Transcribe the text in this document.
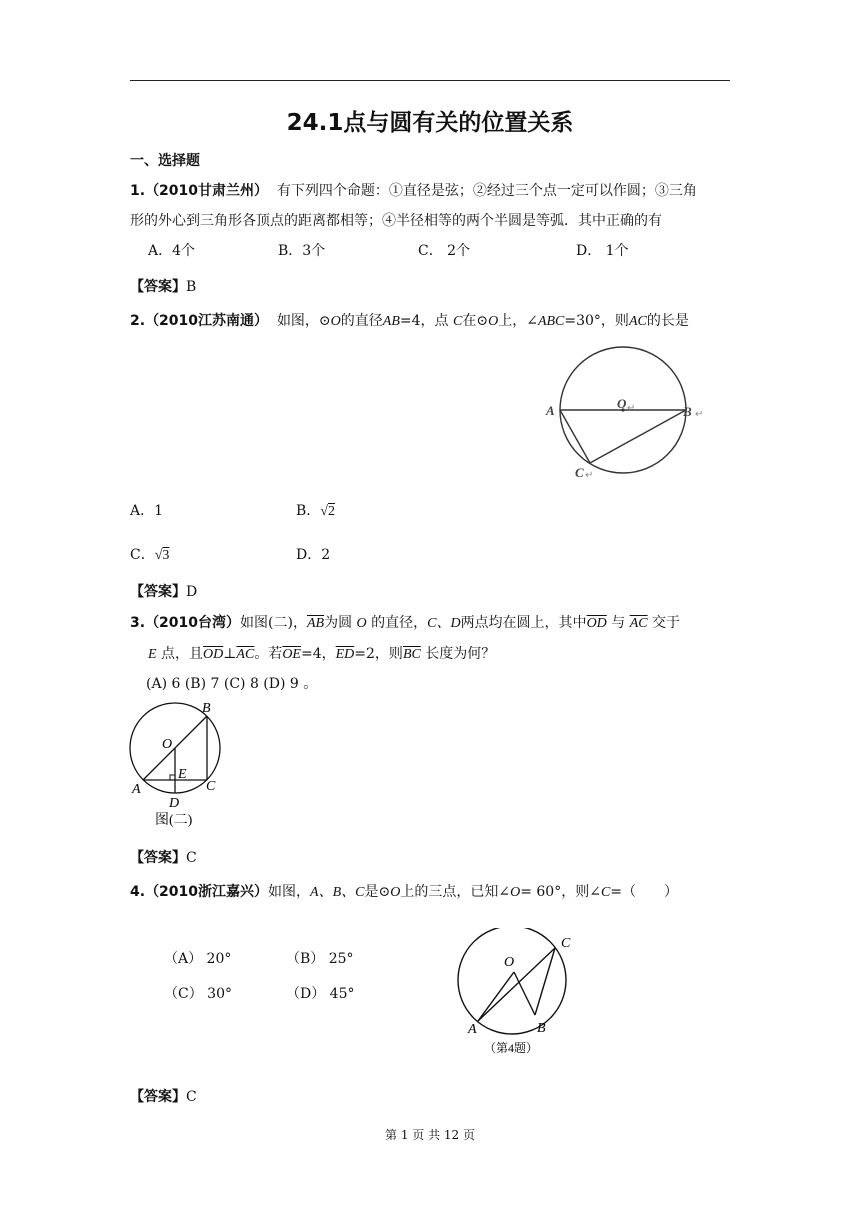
24.1点与圆有关的位置关系
一、选择题
1.（2010甘肃兰州） 有下列四个命题：①直径是弦；②经过三个点一定可以作圆；③三角
形的外心到三角形各顶点的距离都相等；④半径相等的两个半圆是等弧．其中正确的有
A．4个	B．3个	C． 2个	D． 1个
【答案】B
2.（2010江苏南通） 如图，⊙O的直径AB=4，点 C在⊙O上，∠ABC=30°，则AC的长是
A	O ↵	B ↵
C ↵
A．1	B．√2
C．√3	D．2
【答案】D
3.（2010台湾）如图(二)，$\overline{AB}$为圆 O 的直径，C、D两点均在圆上，其中$\overline{OD}$ 与 $\overline{AC}$ 交于
E 点，且$\overline{OD}\perp\overline{AC}$。若$\overline{OE}=4$，$\overline{ED}=2$，则$\overline{BC}$ 长度为何？
(A) 6 (B) 7 (C) 8 (D) 9 。
B
O
E
A	C
D
图(二)
【答案】C
4.（2010浙江嘉兴）如图，A、B、C是⊙O上的三点，已知∠O= 60°，则∠C=（　　）
（A） 20°	（B） 25°
（C） 30°	（D） 45°
O
C
A	B
（第4题）
【答案】C
第 1 页 共 12 页
